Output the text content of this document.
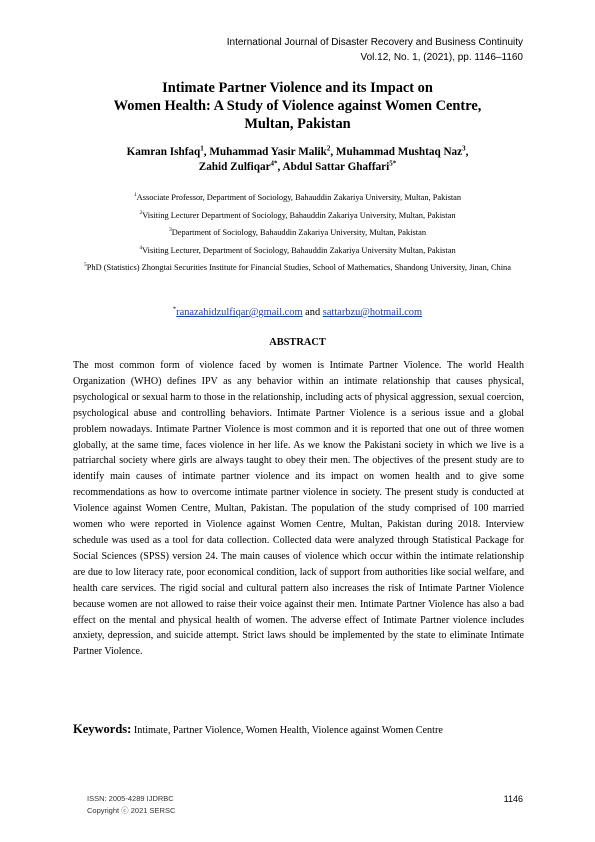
International Journal of Disaster Recovery and Business Continuity
Vol.12, No. 1, (2021), pp. 1146–1160
Intimate Partner Violence and its Impact on
Women Health: A Study of Violence against Women Centre,
Multan, Pakistan
Kamran Ishfaq$^1$, Muhammad Yasir Malik$^2$, Muhammad Mushtaq Naz$^3$,
Zahid Zulfiqar$^{4*}$, Abdul Sattar Ghaffari$^{5*}$

$^1$Associate Professor, Department of Sociology, Bahauddin Zakariya University, Multan, Pakistan

$^2$Visiting Lecturer Department of Sociology, Bahauddin Zakariya University, Multan, Pakistan

$^3$Department of Sociology, Bahauddin Zakariya University, Multan, Pakistan

$^4$Visiting Lecturer, Department of Sociology, Bahauddin Zakariya University Multan, Pakistan

$^5$PhD (Statistics) Zhongtai Securities Institute for Financial Studies, School of Mathematics, Shandong University, Jinan, China

*ranazahidzulfiqar@gmail.com and sattarbzu@hotmail.com
ABSTRACT

The most common form of violence faced by women is Intimate Partner Violence. The world Health Organization (WHO) defines IPV as any behavior within an intimate relationship that causes physical, psychological or sexual harm to those in the relationship, including acts of physical aggression, sexual coercion, psychological abuse and controlling behaviors. Intimate Partner Violence is a serious issue and a global problem nowadays. Intimate Partner Violence is most common and it is reported that one out of three women globally, at the same time, faces violence in her life. As we know the Pakistani society in which we live is a patriarchal society where girls are always taught to obey their men. The objectives of the present study are to identify main causes of intimate partner violence and its impact on women health and to give some recommendations as how to overcome intimate partner violence in society. The present study is conducted at Violence against Women Centre, Multan, Pakistan. The population of the study comprised of 100 married women who were reported in Violence against Women Centre, Multan, Pakistan during 2018. Interview schedule was used as a tool for data collection. Collected data were analyzed through Statistical Package for Social Sciences (SPSS) version 24. The main causes of violence which occur within the intimate relationship are due to low literacy rate, poor economical condition, lack of support from authorities like social welfare, and health care services. The rigid social and cultural pattern also increases the risk of Intimate Partner Violence because women are not allowed to raise their voice against their men. Intimate Partner Violence has also a bad effect on the mental and physical health of women. The adverse effect of Intimate Partner violence includes anxiety, depression, and suicide attempt. Strict laws should be implemented by the state to eliminate Intimate Partner Violence.

Keywords: Intimate, Partner Violence, Women Health, Violence against Women Centre
ISSN: 2005-4289 IJDRBC
Copyright ⓒ 2021 SERSC
1146
